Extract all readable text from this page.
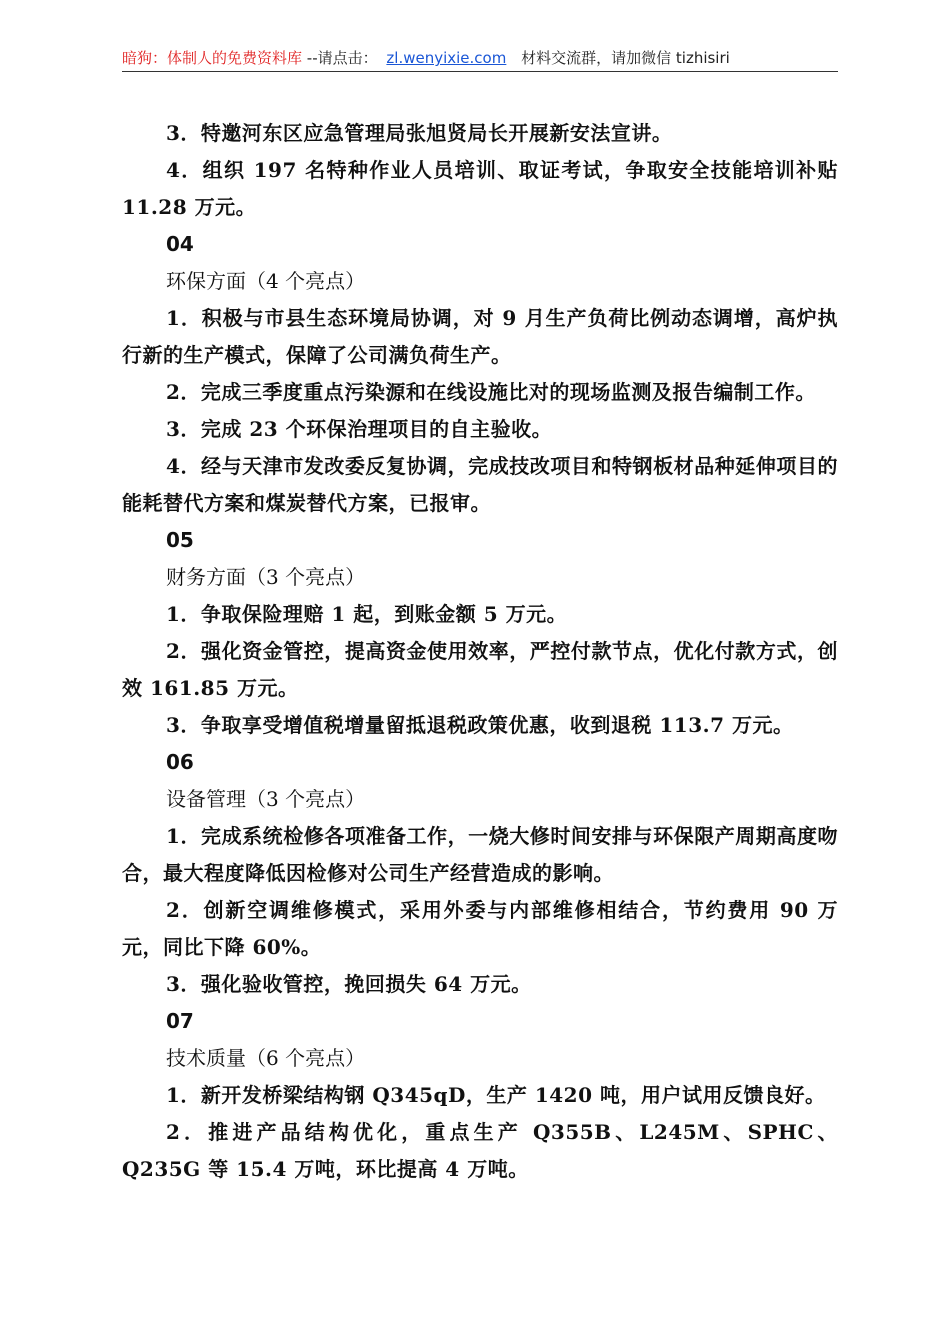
暗狗：体制人的免费资料库 --请点击： zl.wenyixie.com 材料交流群，请加微信 tizhisiri

3．特邀河东区应急管理局张旭贤局长开展新安法宣讲。

4．组织 197 名特种作业人员培训、取证考试，争取安全技能培训补贴 11.28 万元。

04

环保方面（4 个亮点）

1．积极与市县生态环境局协调，对 9 月生产负荷比例动态调增，高炉执行新的生产模式，保障了公司满负荷生产。

2．完成三季度重点污染源和在线设施比对的现场监测及报告编制工作。

3．完成 23 个环保治理项目的自主验收。

4．经与天津市发改委反复协调，完成技改项目和特钢板材品种延伸项目的能耗替代方案和煤炭替代方案，已报审。

05

财务方面（3 个亮点）

1．争取保险理赔 1 起，到账金额 5 万元。

2．强化资金管控，提高资金使用效率，严控付款节点，优化付款方式，创效 161.85 万元。

3．争取享受增值税增量留抵退税政策优惠，收到退税 113.7 万元。

06

设备管理（3 个亮点）

1．完成系统检修各项准备工作，一烧大修时间安排与环保限产周期高度吻合，最大程度降低因检修对公司生产经营造成的影响。

2．创新空调维修模式，采用外委与内部维修相结合，节约费用 90 万元，同比下降 60%。

3．强化验收管控，挽回损失 64 万元。

07

技术质量（6 个亮点）

1．新开发桥梁结构钢 Q345qD，生产 1420 吨，用户试用反馈良好。

2．推进产品结构优化，重点生产 Q355B、L245M、SPHC、Q235G 等 15.4 万吨，环比提高 4 万吨。
